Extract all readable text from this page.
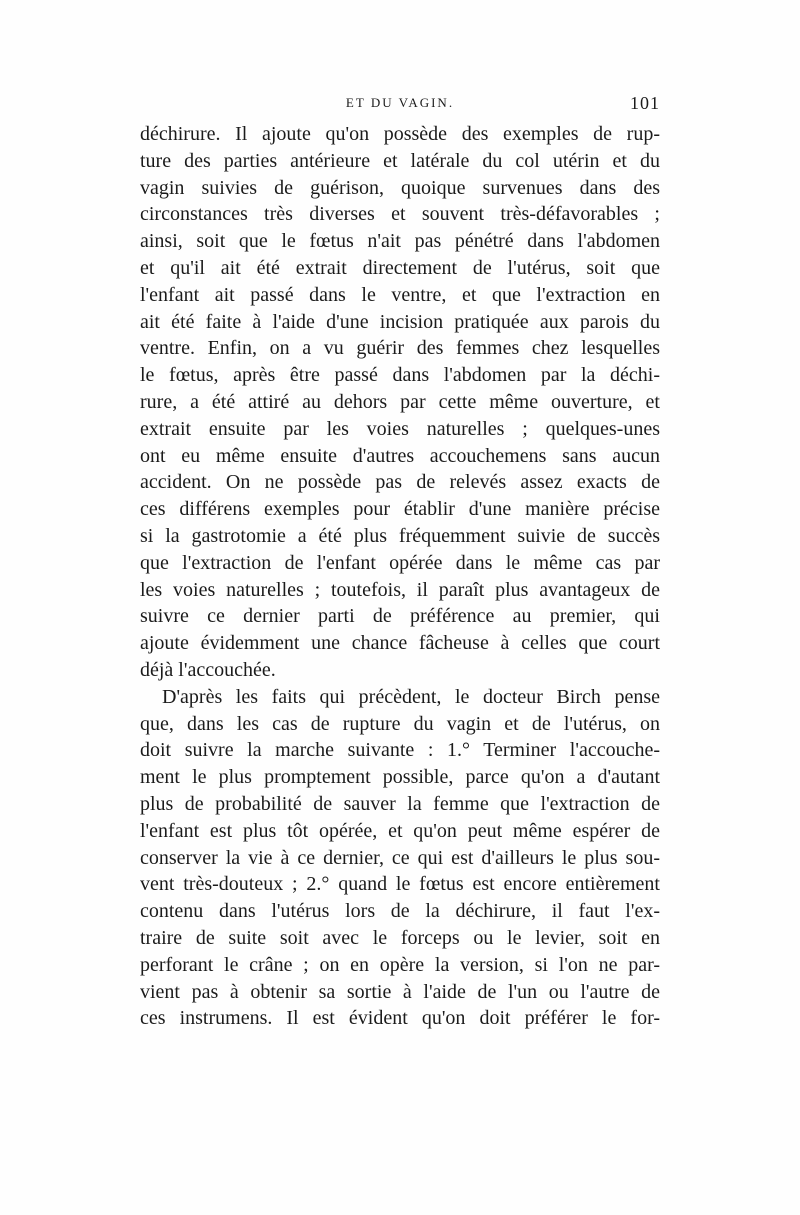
ET DU VAGIN.	101
déchirure. Il ajoute qu'on possède des exemples de rup-
ture des parties antérieure et latérale du col utérin et du
vagin suivies de guérison, quoique survenues dans des
circonstances très diverses et souvent très-défavorables ;
ainsi, soit que le fœtus n'ait pas pénétré dans l'abdomen
et qu'il ait été extrait directement de l'utérus, soit que
l'enfant ait passé dans le ventre, et que l'extraction en
ait été faite à l'aide d'une incision pratiquée aux parois du
ventre. Enfin, on a vu guérir des femmes chez lesquelles
le fœtus, après être passé dans l'abdomen par la déchi-
rure, a été attiré au dehors par cette même ouverture, et
extrait ensuite par les voies naturelles ; quelques-unes
ont eu même ensuite d'autres accouchemens sans aucun
accident. On ne possède pas de relevés assez exacts de
ces différens exemples pour établir d'une manière précise
si la gastrotomie a été plus fréquemment suivie de succès
que l'extraction de l'enfant opérée dans le même cas par
les voies naturelles ; toutefois, il paraît plus avantageux de
suivre ce dernier parti de préférence au premier, qui
ajoute évidemment une chance fâcheuse à celles que court
déjà l'accouchée.
D'après les faits qui précèdent, le docteur Birch pense
que, dans les cas de rupture du vagin et de l'utérus, on
doit suivre la marche suivante : 1.° Terminer l'accouche-
ment le plus promptement possible, parce qu'on a d'autant
plus de probabilité de sauver la femme que l'extraction de
l'enfant est plus tôt opérée, et qu'on peut même espérer de
conserver la vie à ce dernier, ce qui est d'ailleurs le plus sou-
vent très-douteux ; 2.° quand le fœtus est encore entièrement
contenu dans l'utérus lors de la déchirure, il faut l'ex-
traire de suite soit avec le forceps ou le levier, soit en
perforant le crâne ; on en opère la version, si l'on ne par-
vient pas à obtenir sa sortie à l'aide de l'un ou l'autre de
ces instrumens. Il est évident qu'on doit préférer le for-
